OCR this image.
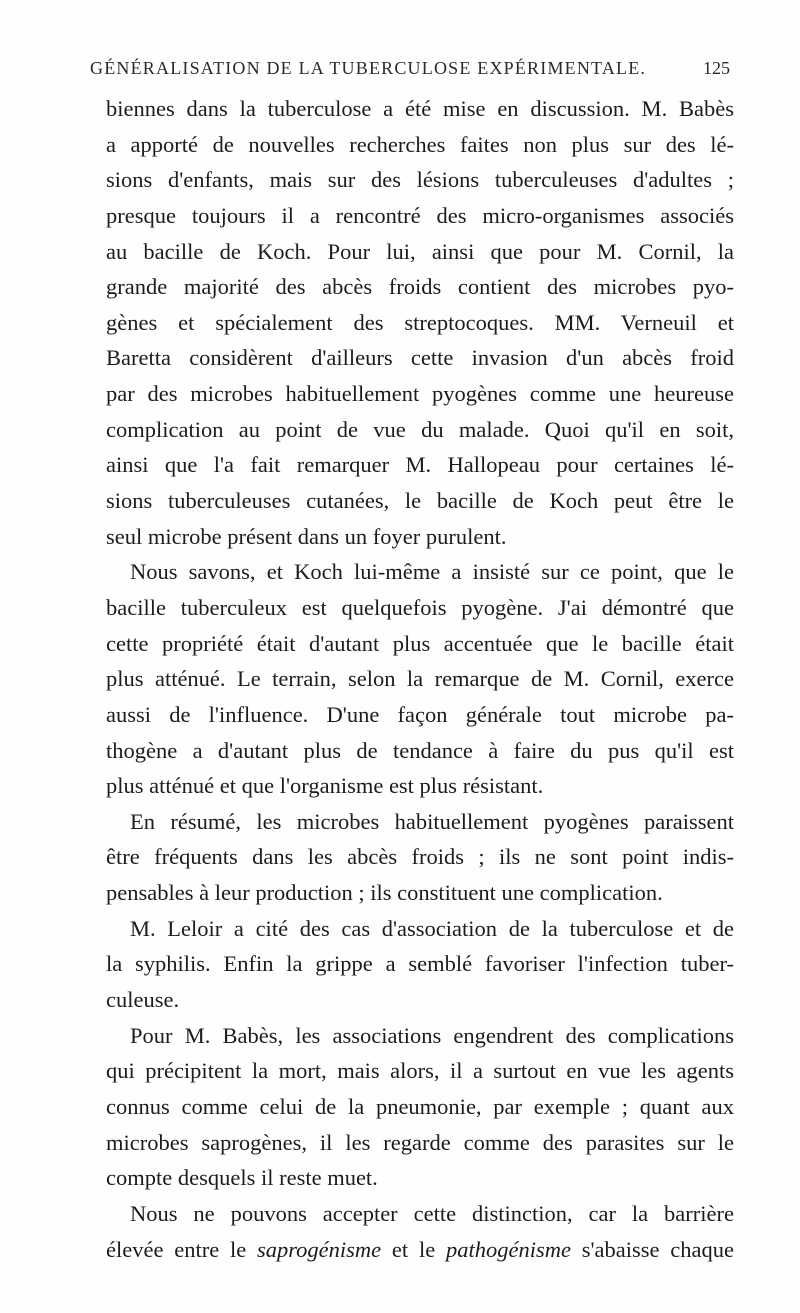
GÉNÉRALISATION DE LA TUBERCULOSE EXPÉRIMENTALE.	125
biennes dans la tuberculose a été mise en discussion. M. Babès
a apporté de nouvelles recherches faites non plus sur des lé-
sions d'enfants, mais sur des lésions tuberculeuses d'adultes ;
presque toujours il a rencontré des micro-organismes associés
au bacille de Koch. Pour lui, ainsi que pour M. Cornil, la
grande majorité des abcès froids contient des microbes pyo-
gènes et spécialement des streptocoques. MM. Verneuil et
Baretta considèrent d'ailleurs cette invasion d'un abcès froid
par des microbes habituellement pyogènes comme une heureuse
complication au point de vue du malade. Quoi qu'il en soit,
ainsi que l'a fait remarquer M. Hallopeau pour certaines lé-
sions tuberculeuses cutanées, le bacille de Koch peut être le
seul microbe présent dans un foyer purulent.
Nous savons, et Koch lui-même a insisté sur ce point, que le
bacille tuberculeux est quelquefois pyogène. J'ai démontré que
cette propriété était d'autant plus accentuée que le bacille était
plus atténué. Le terrain, selon la remarque de M. Cornil, exerce
aussi de l'influence. D'une façon générale tout microbe pa-
thogène a d'autant plus de tendance à faire du pus qu'il est
plus atténué et que l'organisme est plus résistant.
En résumé, les microbes habituellement pyogènes paraissent
être fréquents dans les abcès froids ; ils ne sont point indis-
pensables à leur production ; ils constituent une complication.
M. Leloir a cité des cas d'association de la tuberculose et de
la syphilis. Enfin la grippe a semblé favoriser l'infection tuber-
culeuse.
Pour M. Babès, les associations engendrent des complications
qui précipitent la mort, mais alors, il a surtout en vue les agents
connus comme celui de la pneumonie, par exemple ; quant aux
microbes saprogènes, il les regarde comme des parasites sur le
compte desquels il reste muet.
Nous ne pouvons accepter cette distinction, car la barrière
élevée entre le saprogénisme et le pathogénisme s'abaisse chaque
